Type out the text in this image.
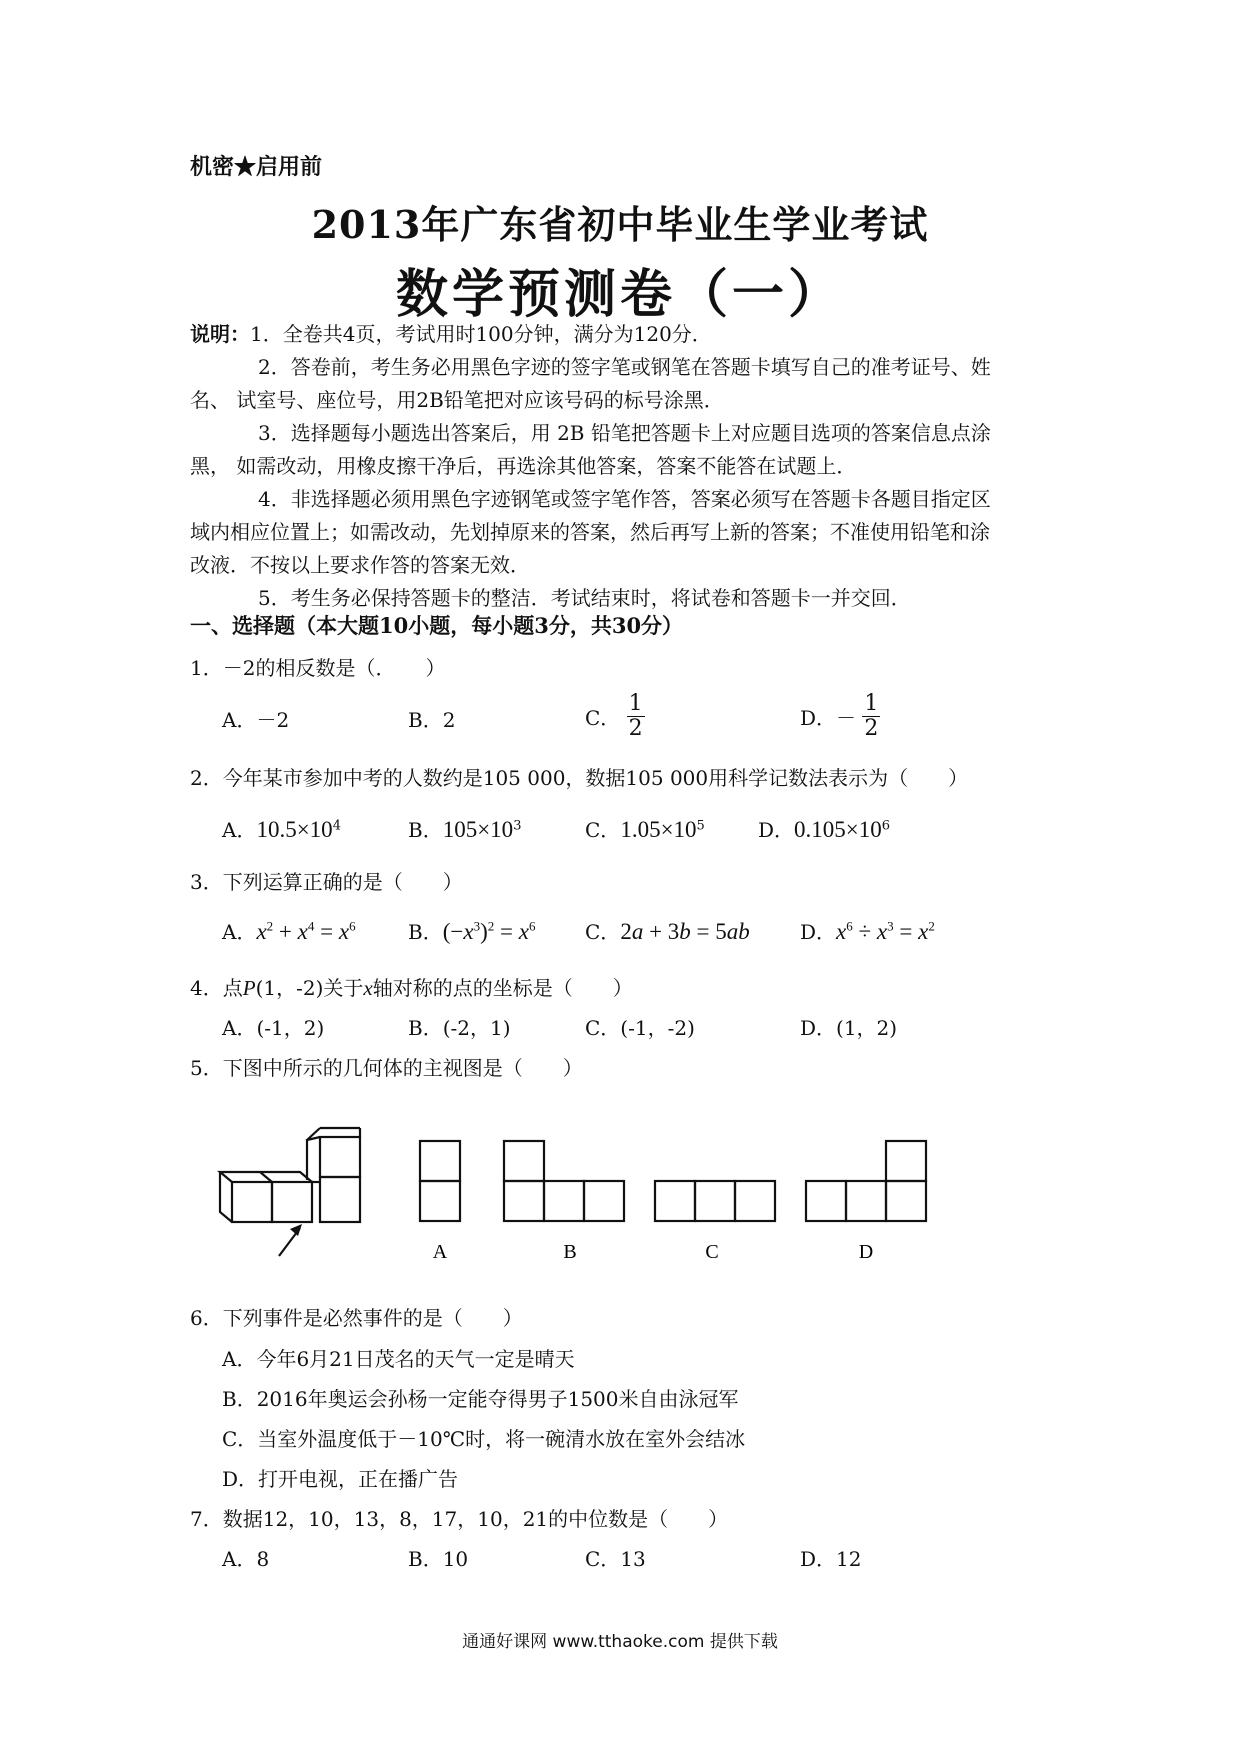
机密★启用前
2013年广东省初中毕业生学业考试
数学预测卷（一）

说明：1．全卷共4页，考试用时100分钟，满分为120分．

2．答卷前，考生务必用黑色字迹的签字笔或钢笔在答题卡填写自己的准考证号、姓

名、 试室号、座位号，用2B铅笔把对应该号码的标号涂黑．

3．选择题每小题选出答案后，用 2B 铅笔把答题卡上对应题目选项的答案信息点涂

黑， 如需改动，用橡皮擦干净后，再选涂其他答案，答案不能答在试题上．

4．非选择题必须用黑色字迹钢笔或签字笔作答，答案必须写在答题卡各题目指定区

域内相应位置上；如需改动，先划掉原来的答案，然后再写上新的答案；不准使用铅笔和涂

改液．不按以上要求作答的答案无效．

5．考生务必保持答题卡的整洁．考试结束时，将试卷和答题卡一并交回．

一、选择题（本大题10小题，每小题3分，共30分）
1．－2的相反数是（．　　）
A．－2	B．2	C． $\frac{1}{2}$	D．－ $\frac{1}{2}$
2．今年某市参加中考的人数约是105 000，数据105 000用科学记数法表示为（　　）
A．$10.5\times 10^4$	B．$105\times 10^3$	C．$1.05\times 10^5$	D．$0.105\times 10^6$
3．下列运算正确的是（　　）
A．$x^2 + x^4 = x^6$	B．$(-x^3)^2 = x^6$ C．2a + 3b = 5ab	D．$x^6 \div x^3 = x^2$
4．点P(1，-2)关于x轴对称的点的坐标是（　　）
A．(-1，2)	B．(-2，1)	C．(-1，-2)	D．(1，2)
5．下图中所示的几何体的主视图是（　　）
A	B	C	D
6．下列事件是必然事件的是（　　）
A．今年6月21日茂名的天气一定是晴天
B．2016年奥运会孙杨一定能夺得男子1500米自由泳冠军
C．当室外温度低于－10℃时，将一碗清水放在室外会结冰
D．打开电视，正在播广告
7．数据12，10，13，8，17，10，21的中位数是（　　）
A．8	B．10	C．13	D．12
通通好课网 www.tthaoke.com 提供下载
